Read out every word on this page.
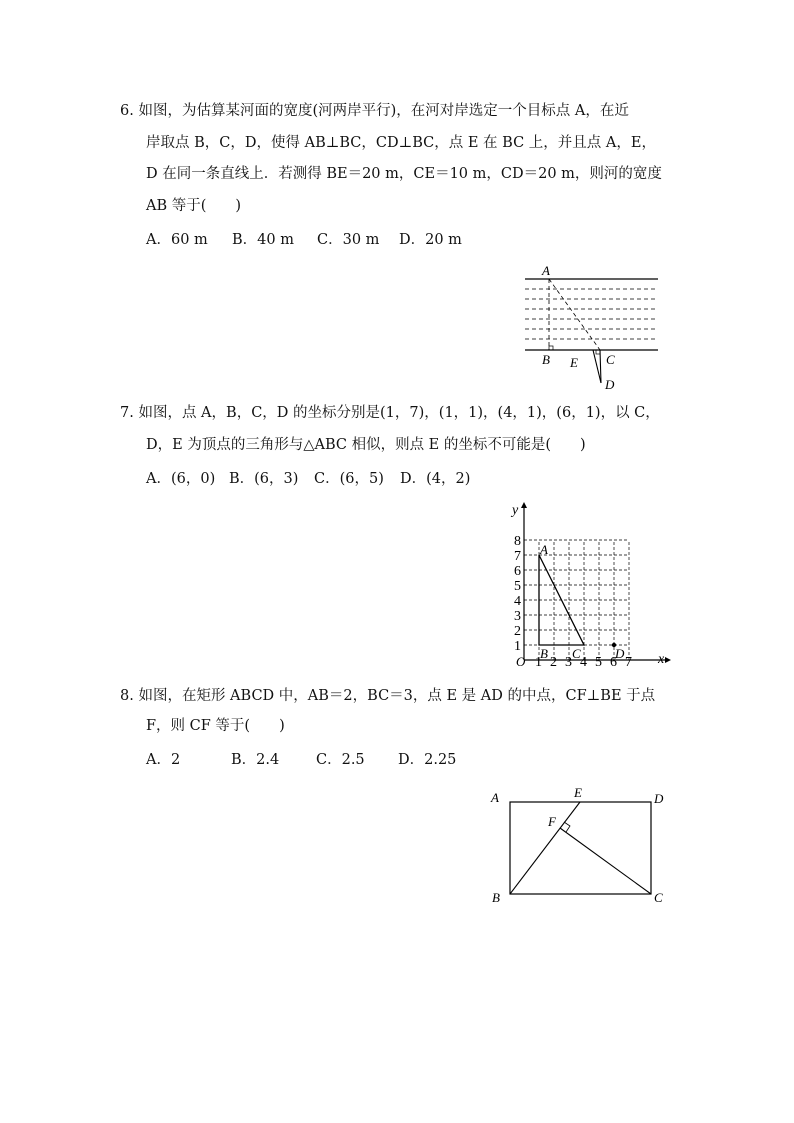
6. 如图，为估算某河面的宽度(河两岸平行)，在河对岸选定一个目标点 A，在近
岸取点 B，C，D，使得 AB⊥BC，CD⊥BC，点 E 在 BC 上，并且点 A，E，
D 在同一条直线上．若测得 BE＝20 m，CE＝10 m，CD＝20 m，则河的宽度
AB 等于(　　)
A．60 m B．40 m C．30 m D．20 m
A
B E C
D
7. 如图，点 A，B，C，D 的坐标分别是(1，7)，(1，1)，(4，1)，(6，1)，以 C，
D，E 为顶点的三角形与△ABC 相似，则点 E 的坐标不可能是(　　)
A．(6，0) B．(6，3) C．(6，5) D．(4，2)
y
x
O
8
7
6
5
4
3
2
1
1 2 3 4 5 6 7
A
B C	D
8. 如图，在矩形 ABCD 中，AB＝2，BC＝3，点 E 是 AD 的中点，CF⊥BE 于点
F，则 CF 等于(　　)
A．2	B．2.4	C．2.5 D．2.25
A	E	D
F
B	C
